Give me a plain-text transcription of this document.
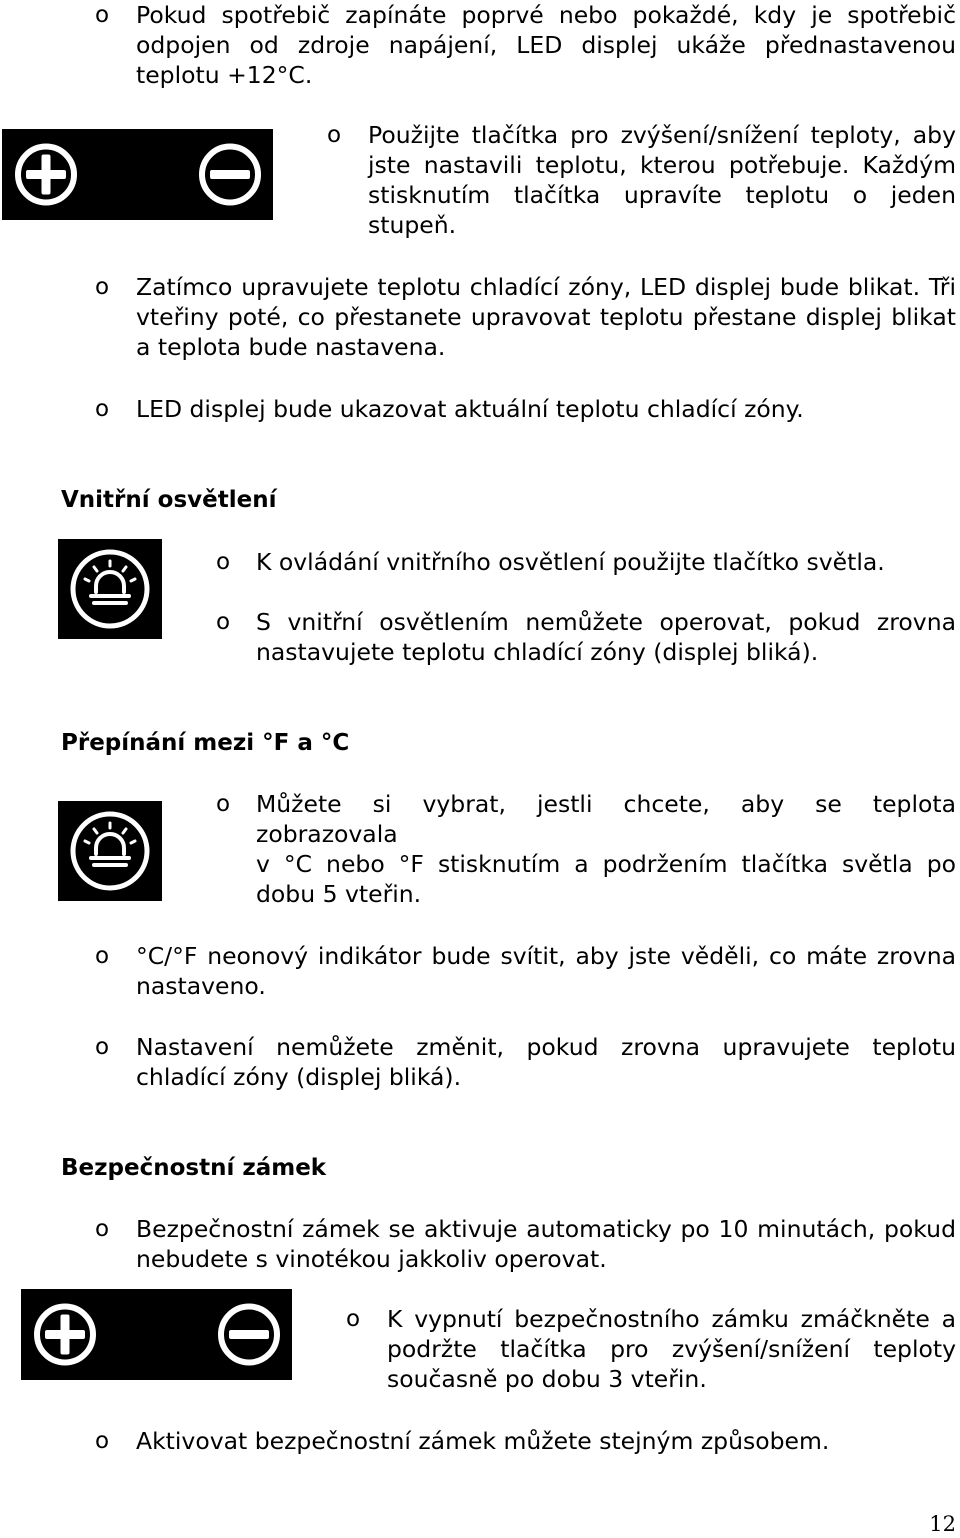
o Pokud spotřebič zapínáte poprvé nebo pokaždé, kdy je spotřebič odpojen od zdroje napájení, LED displej ukáže přednastavenou teplotu +12°C.
o Použijte tlačítka pro zvýšení/snížení teploty, aby jste nastavili teplotu, kterou potřebuje. Každým stisknutím tlačítka upravíte teplotu o jeden stupeň.
o Zatímco upravujete teplotu chladící zóny, LED displej bude blikat. Tři vteřiny poté, co přestanete upravovat teplotu přestane displej blikat a teplota bude nastavena.
o LED displej bude ukazovat aktuální teplotu chladící zóny.
Vnitřní osvětlení
o K ovládání vnitřního osvětlení použijte tlačítko světla.
o S vnitřní osvětlením nemůžete operovat, pokud zrovna nastavujete teplotu chladící zóny (displej bliká).
Přepínání mezi °F a °C
o Můžete si vybrat, jestli chcete, aby se teplota
zobrazovala
v °C nebo °F stisknutím a podržením tlačítka světla po dobu 5 vteřin.
o °C/°F neonový indikátor bude svítit, aby jste věděli, co máte zrovna nastaveno.
o Nastavení nemůžete změnit, pokud zrovna upravujete teplotu chladící zóny (displej bliká).
Bezpečnostní zámek
o Bezpečnostní zámek se aktivuje automaticky po 10 minutách, pokud nebudete s vinotékou jakkoliv operovat.
o K vypnutí bezpečnostního zámku zmáčkněte a podržte tlačítka pro zvýšení/snížení teploty současně po dobu 3 vteřin.
o Aktivovat bezpečnostní zámek můžete stejným způsobem.
12
